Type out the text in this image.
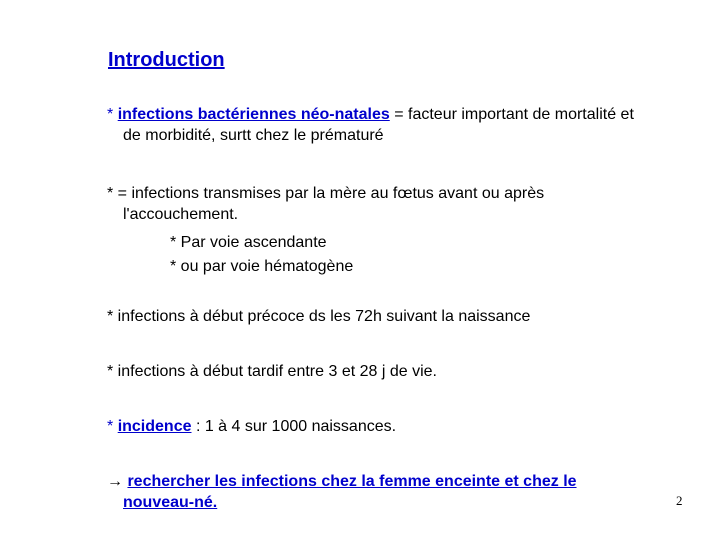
Introduction
* infections bactériennes néo-natales = facteur important de mortalité et
de morbidité, surtt chez le prématuré
* = infections transmises par la mère au fœtus avant ou après
l'accouchement.
* Par voie ascendante
* ou par voie hématogène
* infections à début précoce ds les 72h suivant la naissance
* infections à début tardif entre 3 et 28 j de vie.
* incidence : 1 à 4 sur 1000 naissances.
→ rechercher les infections chez la femme enceinte et chez le
nouveau-né.	2
